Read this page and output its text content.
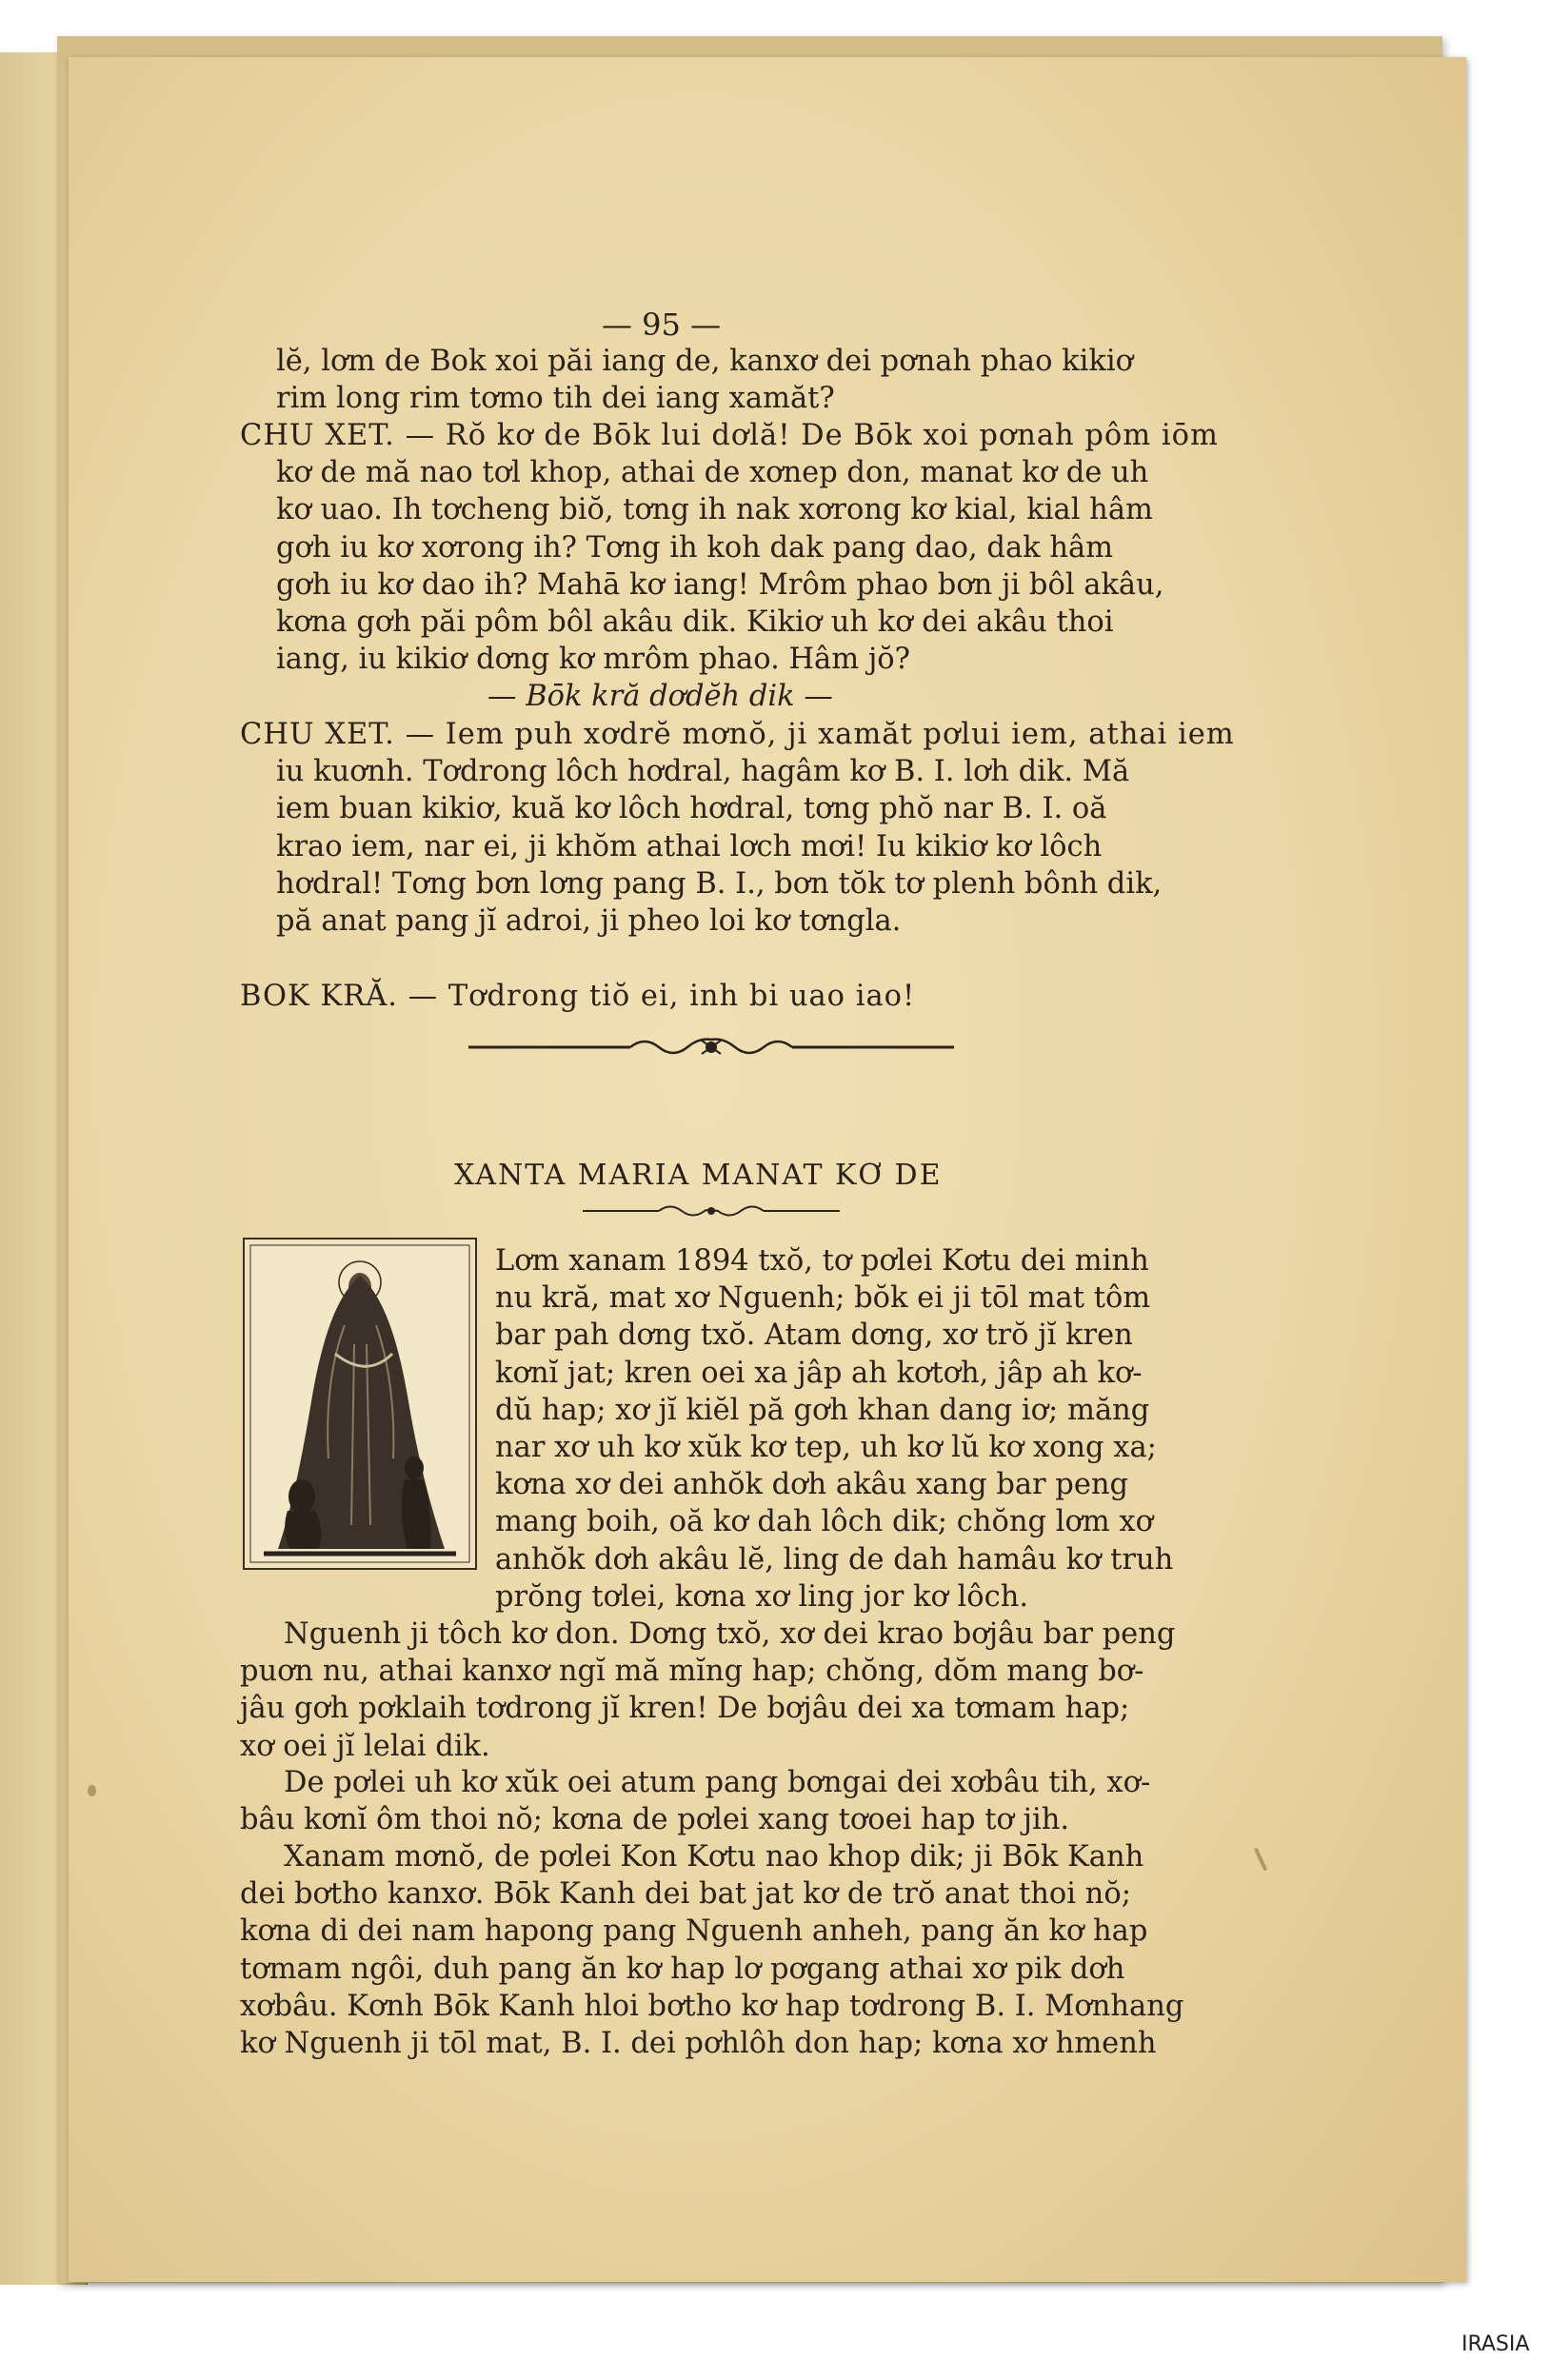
— 95 —
lĕ, lơm de Bok xoi păi iang de, kanxơ dei pơnah phao kikiơ
rim long rim tơmo tih dei iang xamăt?
CHU XET. — Rŏ kơ de Bōk lui dơlă! De Bōk xoi pơnah pôm iōm
kơ de mă nao tơl khop, athai de xơnep don, manat kơ de uh
kơ uao. Ih tơcheng biŏ, tơng ih nak xơrong kơ kial, kial hâm
gơh iu kơ xơrong ih? Tơng ih koh dak pang dao, dak hâm
gơh iu kơ dao ih? Mahā kơ iang! Mrôm phao bơn ji bôl akâu,
kơna gơh păi pôm bôl akâu dik. Kikiơ uh kơ dei akâu thoi
iang, iu kikiơ dơng kơ mrôm phao. Hâm jŏ?
— Bōk kră dơdĕh dik —
CHU XET. — Iem puh xơdrĕ mơnŏ, ji xamăt pơlui iem, athai iem
iu kuơnh. Tơdrong lôch hơdral, hagâm kơ B. I. lơh dik. Mă
iem buan kikiơ, kuă kơ lôch hơdral, tơng phŏ nar B. I. oă
krao iem, nar ei, ji khŏm athai lơch mơi! Iu kikiơ kơ lôch
hơdral! Tơng bơn lơng pang B. I., bơn tŏk tơ plenh bônh dik,
pă anat pang jĭ adroi, ji pheo loi kơ tơngla.
BOK KRĂ. — Tơdrong tiŏ ei, inh bi uao iao!
XANTA MARIA MANAT KƠ DE
Lơm xanam 1894 txŏ, tơ pơlei Kơtu dei minh
nu kră, mat xơ Nguenh; bŏk ei ji tōl mat tôm
bar pah dơng txŏ. Atam dơng, xơ trŏ jĭ kren
kơnĭ jat; kren oei xa jâp ah kơtơh, jâp ah kơ-
dŭ hap; xơ jĭ kiĕl pă gơh khan dang iơ; măng
nar xơ uh kơ xŭk kơ tep, uh kơ lŭ kơ xong xa;
kơna xơ dei anhŏk dơh akâu xang bar peng
mang boih, oă kơ dah lôch dik; chŏng lơm xơ
anhŏk dơh akâu lĕ, ling de dah hamâu kơ truh
prŏng tơlei, kơna xơ ling jor kơ lôch.
Nguenh ji tôch kơ don. Dơng txŏ, xơ dei krao bơjâu bar peng
puơn nu, athai kanxơ ngĭ mă mĭng hap; chŏng, dŏm mang bơ-
jâu gơh pơklaih tơdrong jĭ kren! De bơjâu dei xa tơmam hap;
xơ oei jĭ lelai dik.
De pơlei uh kơ xŭk oei atum pang bơngai dei xơbâu tih, xơ-
bâu kơnĭ ôm thoi nŏ; kơna de pơlei xang tơoei hap tơ jih.
Xanam mơnŏ, de pơlei Kon Kơtu nao khop dik; ji Bōk Kanh
dei bơtho kanxơ. Bōk Kanh dei bat jat kơ de trŏ anat thoi nŏ;
kơna di dei nam hapong pang Nguenh anheh, pang ăn kơ hap
tơmam ngôi, duh pang ăn kơ hap lơ pơgang athai xơ pik dơh
xơbâu. Kơnh Bōk Kanh hloi bơtho kơ hap tơdrong B. I. Mơnhang
kơ Nguenh ji tōl mat, B. I. dei pơhlôh don hap; kơna xơ hmenh
IRASIA
